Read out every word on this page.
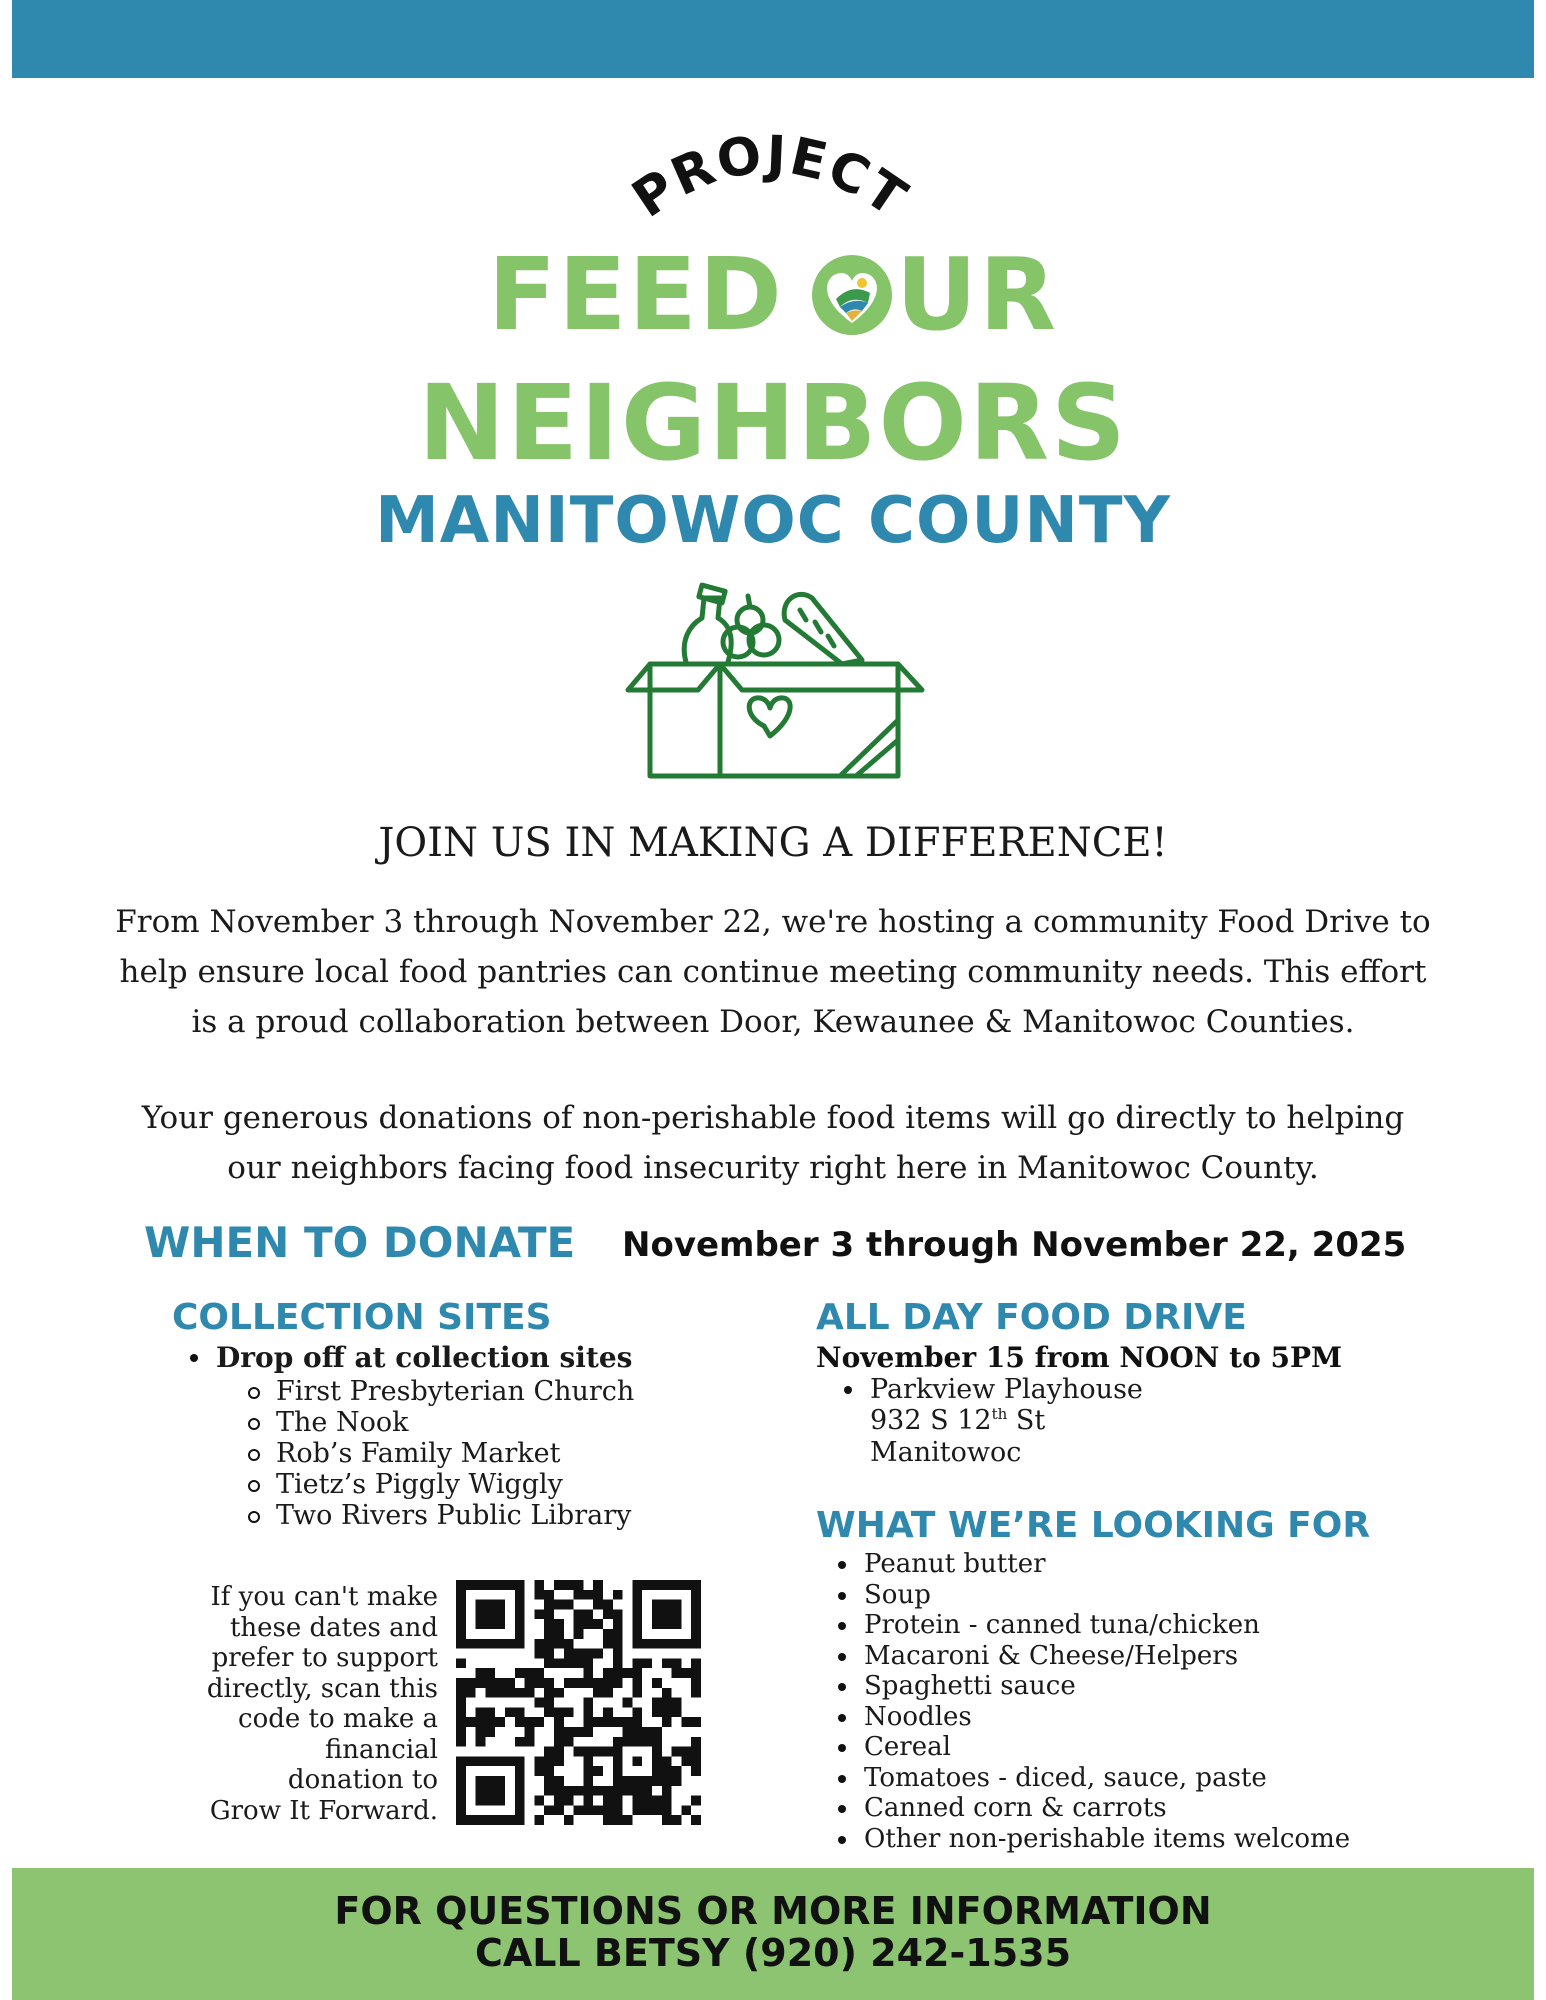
PROJECT
FEED UR
NEIGHBORS
MANITOWOC COUNTY
JOIN US IN MAKING A DIFFERENCE!
From November 3 through November 22, we're hosting a community Food Drive to
help ensure local food pantries can continue meeting community needs. This effort
is a proud collaboration between Door, Kewaunee & Manitowoc Counties.
Your generous donations of non-perishable food items will go directly to helping
our neighbors facing food insecurity right here in Manitowoc County.
WHEN TO DONATE November 3 through November 22, 2025
COLLECTION SITES
Drop off at collection sites
First Presbyterian Church
The Nook
Rob’s Family Market
Tietz’s Piggly Wiggly
Two Rivers Public Library
If you can't make
these dates and
prefer to support
directly, scan this
code to make a
financial
donation to
Grow It Forward.
ALL DAY FOOD DRIVE
November 15 from NOON to 5PM
Parkview Playhouse
932 S 12th St
Manitowoc
WHAT WE’RE LOOKING FOR
Peanut butter
Soup
Protein - canned tuna/chicken
Macaroni & Cheese/Helpers
Spaghetti sauce
Noodles
Cereal
Tomatoes - diced, sauce, paste
Canned corn & carrots
Other non-perishable items welcome
FOR QUESTIONS OR MORE INFORMATION
CALL BETSY (920) 242-1535
